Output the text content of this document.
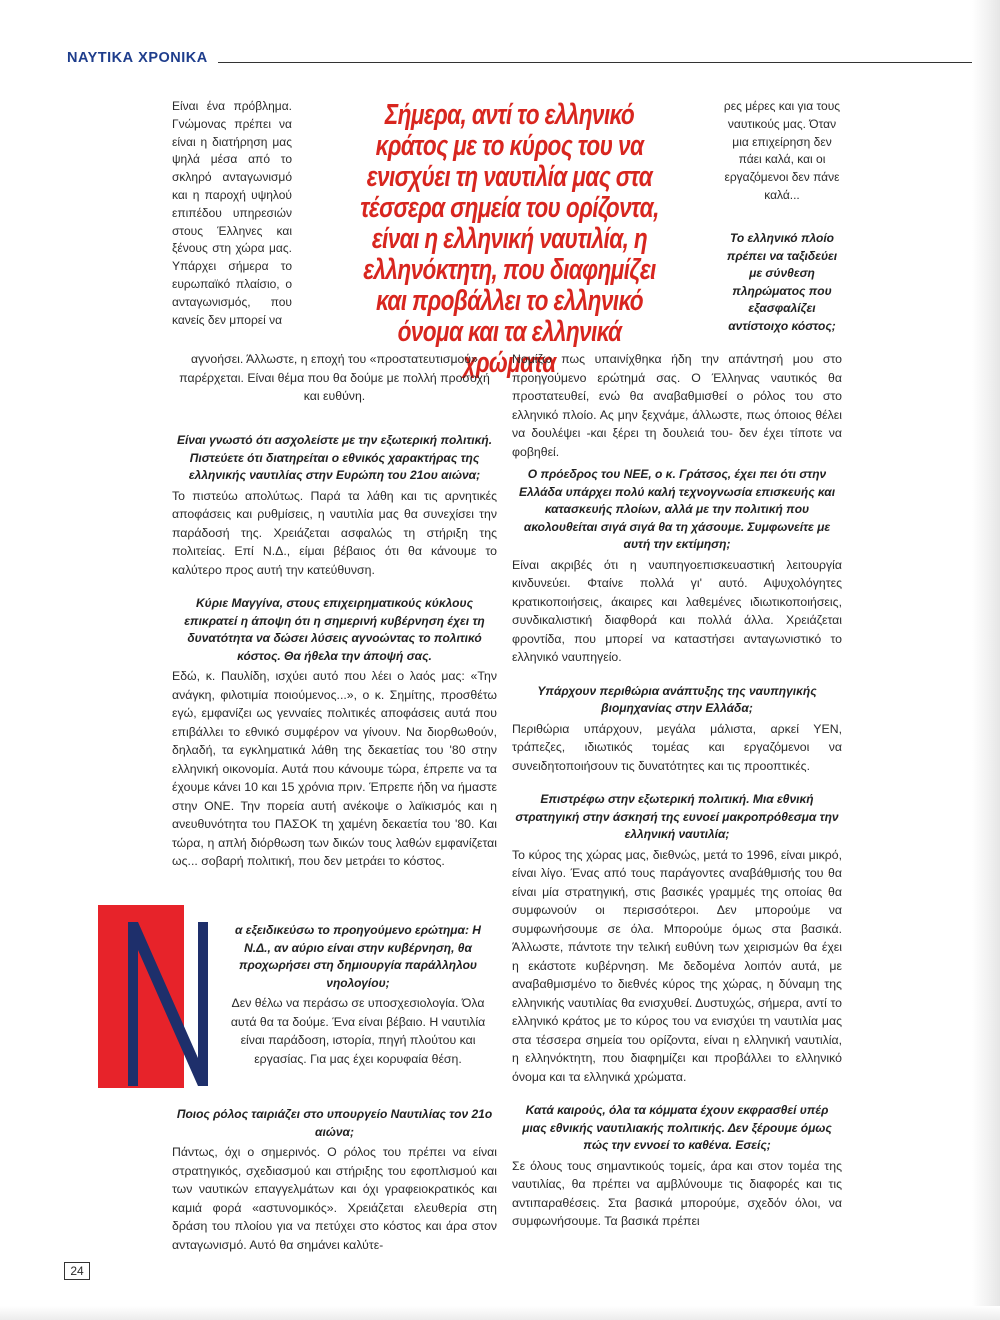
ΝΑΥΤΙΚΑ ΧΡΟΝΙΚΑ
Σήμερα, αντί το ελληνικό κράτος με το κύρος του να ενισχύει τη ναυτιλία μας στα τέσσερα σημεία του ορίζοντα, είναι η ελληνική ναυτιλία, η ελληνόκτητη, που διαφημίζει και προβάλλει το ελληνικό όνομα και τα ελληνικά χρώματα
Είναι ένα πρόβλημα. Γνώμονας πρέπει να είναι η διατήρηση μας ψηλά μέσα από το σκληρό ανταγωνισμό και η παροχή υψηλού επιπέδου υπηρεσιών στους Έλληνες και ξένους στη χώρα μας. Υπάρχει σήμερα το ευρωπαϊκό πλαίσιο, ο ανταγωνισμός, που κανείς δεν μπορεί να
αγνοήσει. Άλλωστε, η εποχή του «προστατευτισμού» παρέρχεται. Είναι θέμα που θα δούμε με πολλή προσοχή και ευθύνη.

Είναι γνωστό ότι ασχολείστε με την εξωτερική πολιτική. Πιστεύετε ότι διατηρείται ο εθνικός χαρακτήρας της ελληνικής ναυτιλίας στην Ευρώπη του 21ου αιώνα;

Το πιστεύω απολύτως. Παρά τα λάθη και τις αρνητικές αποφάσεις και ρυθμίσεις, η ναυτιλία μας θα συνεχίσει την παράδοσή της. Χρειάζεται ασφαλώς τη στήριξη της πολιτείας. Επί Ν.Δ., είμαι βέβαιος ότι θα κάνουμε το καλύτερο προς αυτή την κατεύθυνση.

Κύριε Μαγγίνα, στους επιχειρηματικούς κύκλους επικρατεί η άποψη ότι η σημερινή κυβέρνηση έχει τη δυνατότητα να δώσει λύσεις αγνοώντας το πολιτικό κόστος. Θα ήθελα την άποψή σας.

Εδώ, κ. Παυλίδη, ισχύει αυτό που λέει ο λαός μας: «Την ανάγκη, φιλοτιμία ποιούμενος...», ο κ. Σημίτης, προσθέτω εγώ, εμφανίζει ως γενναίες πολιτικές αποφάσεις αυτά που επιβάλλει το εθνικό συμφέρον να γίνουν. Να διορθωθούν, δηλαδή, τα εγκληματικά λάθη της δεκαετίας του '80 στην ελληνική οικονομία. Αυτά που κάνουμε τώρα, έπρεπε να τα έχουμε κάνει 10 και 15 χρόνια πριν. Έπρεπε ήδη να ήμαστε στην ΟΝΕ. Την πορεία αυτή ανέκοψε ο λαϊκισμός και η ανευθυνότητα του ΠΑΣΟΚ τη χαμένη δεκαετία του '80. Και τώρα, η απλή διόρθωση των δικών τους λαθών εμφανίζεται ως... σοβαρή πολιτική, που δεν μετράει το κόστος.

α εξειδικεύσω το προηγούμενο ερώτημα: Η Ν.Δ., αν αύριο είναι στην κυβέρνηση, θα προχωρήσει στη δημιουργία παράλληλου νηολογίου;

Δεν θέλω να περάσω σε υποσχεσιολογία. Όλα αυτά θα τα δούμε. Ένα είναι βέβαιο. Η ναυτιλία είναι παράδοση, ιστορία, πηγή πλούτου και εργασίας. Για μας έχει κορυφαία θέση.

Ποιος ρόλος ταιριάζει στο υπουργείο Ναυτιλίας τον 21ο αιώνα;

Πάντως, όχι ο σημερινός. Ο ρόλος του πρέπει να είναι στρατηγικός, σχεδιασμού και στήριξης του εφοπλισμού και των ναυτικών επαγγελμάτων και όχι γραφειοκρατικός και καμιά φορά «αστυνομικός». Χρειάζεται ελευθερία στη δράση του πλοίου για να πετύχει στο κόστος και άρα στον ανταγωνισμό. Αυτό θα σημάνει καλύτε-

ρες μέρες και για τους ναυτικούς μας. Όταν μια επιχείρηση δεν πάει καλά, και οι εργαζόμενοι δεν πάνε καλά...

Το ελληνικό πλοίο πρέπει να ταξιδεύει με σύνθεση πληρώματος που εξασφαλίζει αντίστοιχο κόστος;

Νομίζω πως υπαινίχθηκα ήδη την απάντησή μου στο προηγούμενο ερώτημά σας. Ο Έλληνας ναυτικός θα προστατευθεί, ενώ θα αναβαθμισθεί ο ρόλος του στο ελληνικό πλοίο. Ας μην ξεχνάμε, άλλωστε, πως όποιος θέλει να δουλέψει -και ξέρει τη δουλειά του- δεν έχει τίποτε να φοβηθεί.

Ο πρόεδρος του ΝΕΕ, ο κ. Γράτσος, έχει πει ότι στην Ελλάδα υπάρχει πολύ καλή τεχνογνωσία επισκευής και κατασκευής πλοίων, αλλά με την πολιτική που ακολουθείται σιγά σιγά θα τη χάσουμε. Συμφωνείτε με αυτή την εκτίμηση;

Είναι ακριβές ότι η ναυπηγοεπισκευαστική λειτουργία κινδυνεύει. Φταίνε πολλά γι' αυτό. Αψυχολόγητες κρατικοποιήσεις, άκαιρες και λαθεμένες ιδιωτικοποιήσεις, συνδικαλιστική διαφθορά και πολλά άλλα. Χρειάζεται φροντίδα, που μπορεί να καταστήσει ανταγωνιστικό το ελληνικό ναυπηγείο.

Υπάρχουν περιθώρια ανάπτυξης της ναυπηγικής βιομηχανίας στην Ελλάδα;

Περιθώρια υπάρχουν, μεγάλα μάλιστα, αρκεί ΥΕΝ, τράπεζες, ιδιωτικός τομέας και εργαζόμενοι να συνειδητοποιήσουν τις δυνατότητες και τις προοπτικές.

Επιστρέφω στην εξωτερική πολιτική. Μια εθνική στρατηγική στην άσκησή της ευνοεί μακροπρόθεσμα την ελληνική ναυτιλία;

Το κύρος της χώρας μας, διεθνώς, μετά το 1996, είναι μικρό, είναι λίγο. Ένας από τους παράγοντες αναβάθμισής του θα είναι μία στρατηγική, στις βασικές γραμμές της οποίας θα συμφωνούν οι περισσότεροι. Δεν μπορούμε να συμφωνήσουμε σε όλα. Μπορούμε όμως στα βασικά. Άλλωστε, πάντοτε την τελική ευθύνη των χειρισμών θα έχει η εκάστοτε κυβέρνηση. Με δεδομένα λοιπόν αυτά, με αναβαθμισμένο το διεθνές κύρος της χώρας, η δύναμη της ελληνικής ναυτιλίας θα ενισχυθεί. Δυστυχώς, σήμερα, αντί το ελληνικό κράτος με το κύρος του να ενισχύει τη ναυτιλία μας στα τέσσερα σημεία του ορίζοντα, είναι η ελληνική ναυτιλία, η ελληνόκτητη, που διαφημίζει και προβάλλει το ελληνικό όνομα και τα ελληνικά χρώματα.

Κατά καιρούς, όλα τα κόμματα έχουν εκφρασθεί υπέρ μιας εθνικής ναυτιλιακής πολιτικής. Δεν ξέρουμε όμως πώς την εννοεί το καθένα. Εσείς;

Σε όλους τους σημαντικούς τομείς, άρα και στον τομέα της ναυτιλίας, θα πρέπει να αμβλύνουμε τις διαφορές και τις αντιπαραθέσεις. Στα βασικά μπορούμε, σχεδόν όλοι, να συμφωνήσουμε. Τα βασικά πρέπει

24
